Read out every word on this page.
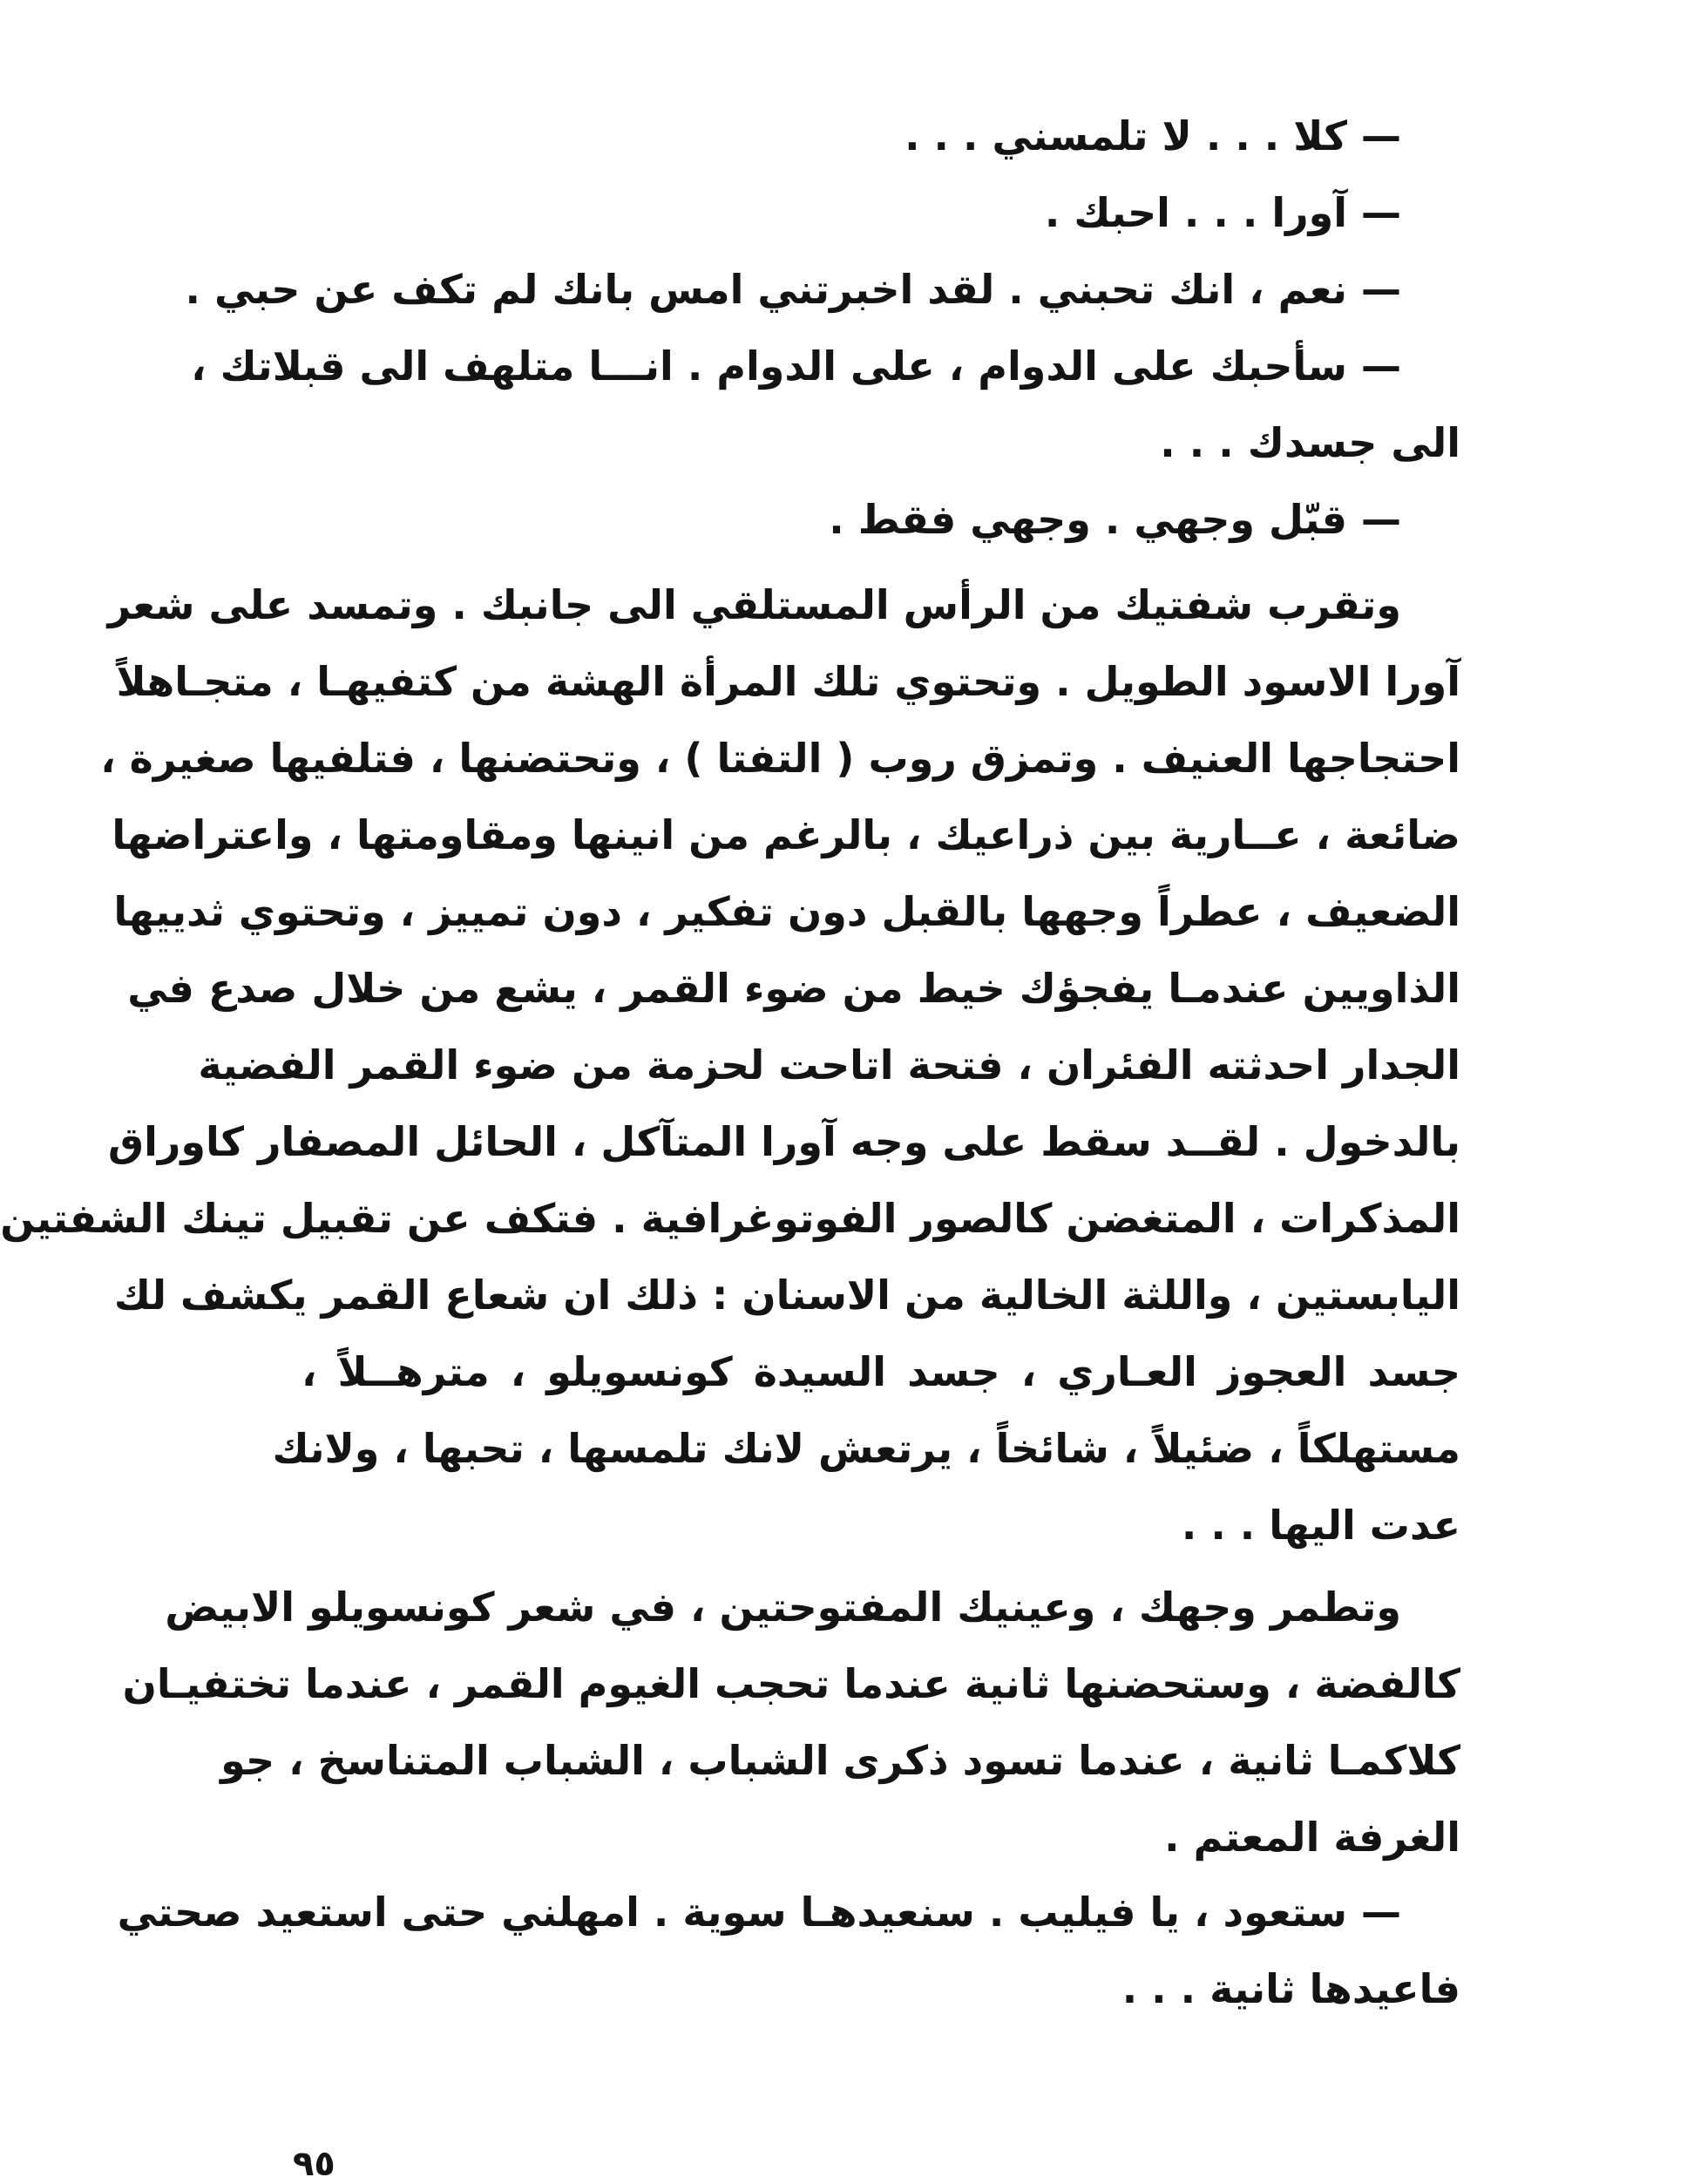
— كلا . . . لا تلمسني . . .
— آورا . . . احبك .
— نعم ، انك تحبني . لقد اخبرتني امس بانك لم تكف عن حبي .
— سأحبك على الدوام ، على الدوام . انـــا متلهف الى قبلاتك ،
الى جسدك . . .
— قبّل وجهي . وجهي فقط .
وتقرب شفتيك من الرأس المستلقي الى جانبك . وتمسد على شعر
آورا الاسود الطويل . وتحتوي تلك المرأة الهشة من كتفيهـا ، متجـاهلاً
احتجاجها العنيف . وتمزق روب ( التفتا ) ، وتحتضنها ، فتلفيها صغيرة ،
ضائعة ، عــارية بين ذراعيك ، بالرغم من انينها ومقاومتها ، واعتراضها
الضعيف ، عطراً وجهها بالقبل دون تفكير ، دون تمييز ، وتحتوي ثدييها
الذاويين عندمـا يفجؤك خيط من ضوء القمر ، يشع من خلال صدع في
الجدار احدثته الفئران ، فتحة اتاحت لحزمة من ضوء القمر الفضية
بالدخول . لقــد سقط على وجه آورا المتآكل ، الحائل المصفار كاوراق
المذكرات ، المتغضن كالصور الفوتوغرافية . فتكف عن تقبيل تينك الشفتين
اليابستين ، واللثة الخالية من الاسنان : ذلك ان شعاع القمر يكشف لك
جسد العجوز العـاري ، جسد السيدة كونسويلو ، مترهــلاً ،
مستهلكاً ، ضئيلاً ، شائخاً ، يرتعش لانك تلمسها ، تحبها ، ولانك
عدت اليها . . .
وتطمر وجهك ، وعينيك المفتوحتين ، في شعر كونسويلو الابيض
كالفضة ، وستحضنها ثانية عندما تحجب الغيوم القمر ، عندما تختفيـان
كلاكمـا ثانية ، عندما تسود ذكرى الشباب ، الشباب المتناسخ ، جو
الغرفة المعتم .
— ستعود ، يا فيليب . سنعيدهـا سوية . امهلني حتى استعيد صحتي
فاعيدها ثانية . . .
٩٥
